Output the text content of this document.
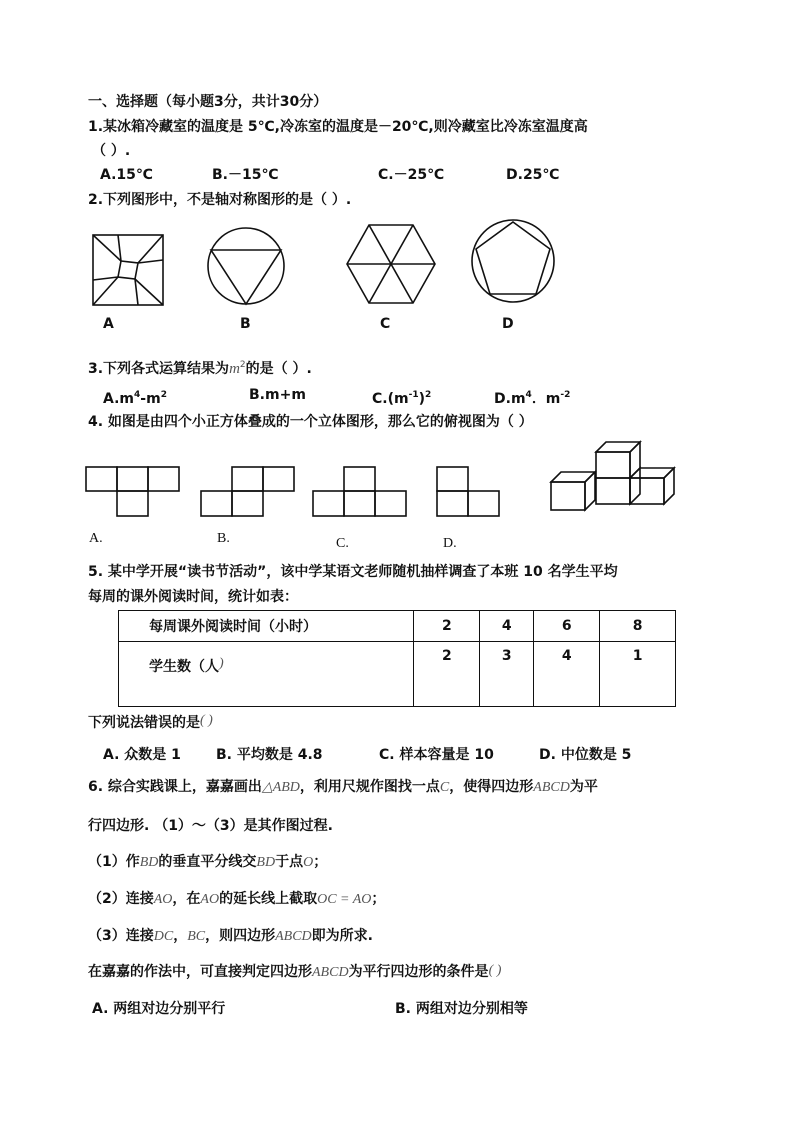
一、选择题（每小题3分，共计30分）
1.某冰箱冷藏室的温度是 5℃,冷冻室的温度是－20℃,则冷藏室比冷冻室温度高
（ ）.
A.15℃	B.－15℃	C.－25℃	D.25℃
2.下列图形中，不是轴对称图形的是（ ）.
A	B	C	D
3.下列各式运算结果为$m^2$的是（ ）.
$A.m^4-m^2$	B.m+m	$C.(m^{-1})^2$	$D.m^4$．$m^{-2}$
4. 如图是由四个小正方体叠成的一个立体图形，那么它的俯视图为（ ）
A.	B.	C.	D.
5. 某中学开展“读书节活动”，该中学某语文老师随机抽样调查了本班 10 名学生平均
每周的课外阅读时间，统计如表：
每周课外阅读时间（小时）	2	4	6	8
学生数（人)	2	3	4	1
下列说法错误的是( )
A. 众数是 1	B. 平均数是 4.8	C. 样本容量是 10	D. 中位数是 5
6. 综合实践课上，嘉嘉画出△ABD，利用尺规作图找一点C，使得四边形ABCD为平
行四边形. （1）～（3）是其作图过程.
（1）作BD的垂直平分线交BD于点O；
（2）连接AO，在AO的延长线上截取OC = AO；
（3）连接DC，BC，则四边形ABCD即为所求.
在嘉嘉的作法中，可直接判定四边形ABCD为平行四边形的条件是( )
A. 两组对边分别平行	B. 两组对边分别相等
